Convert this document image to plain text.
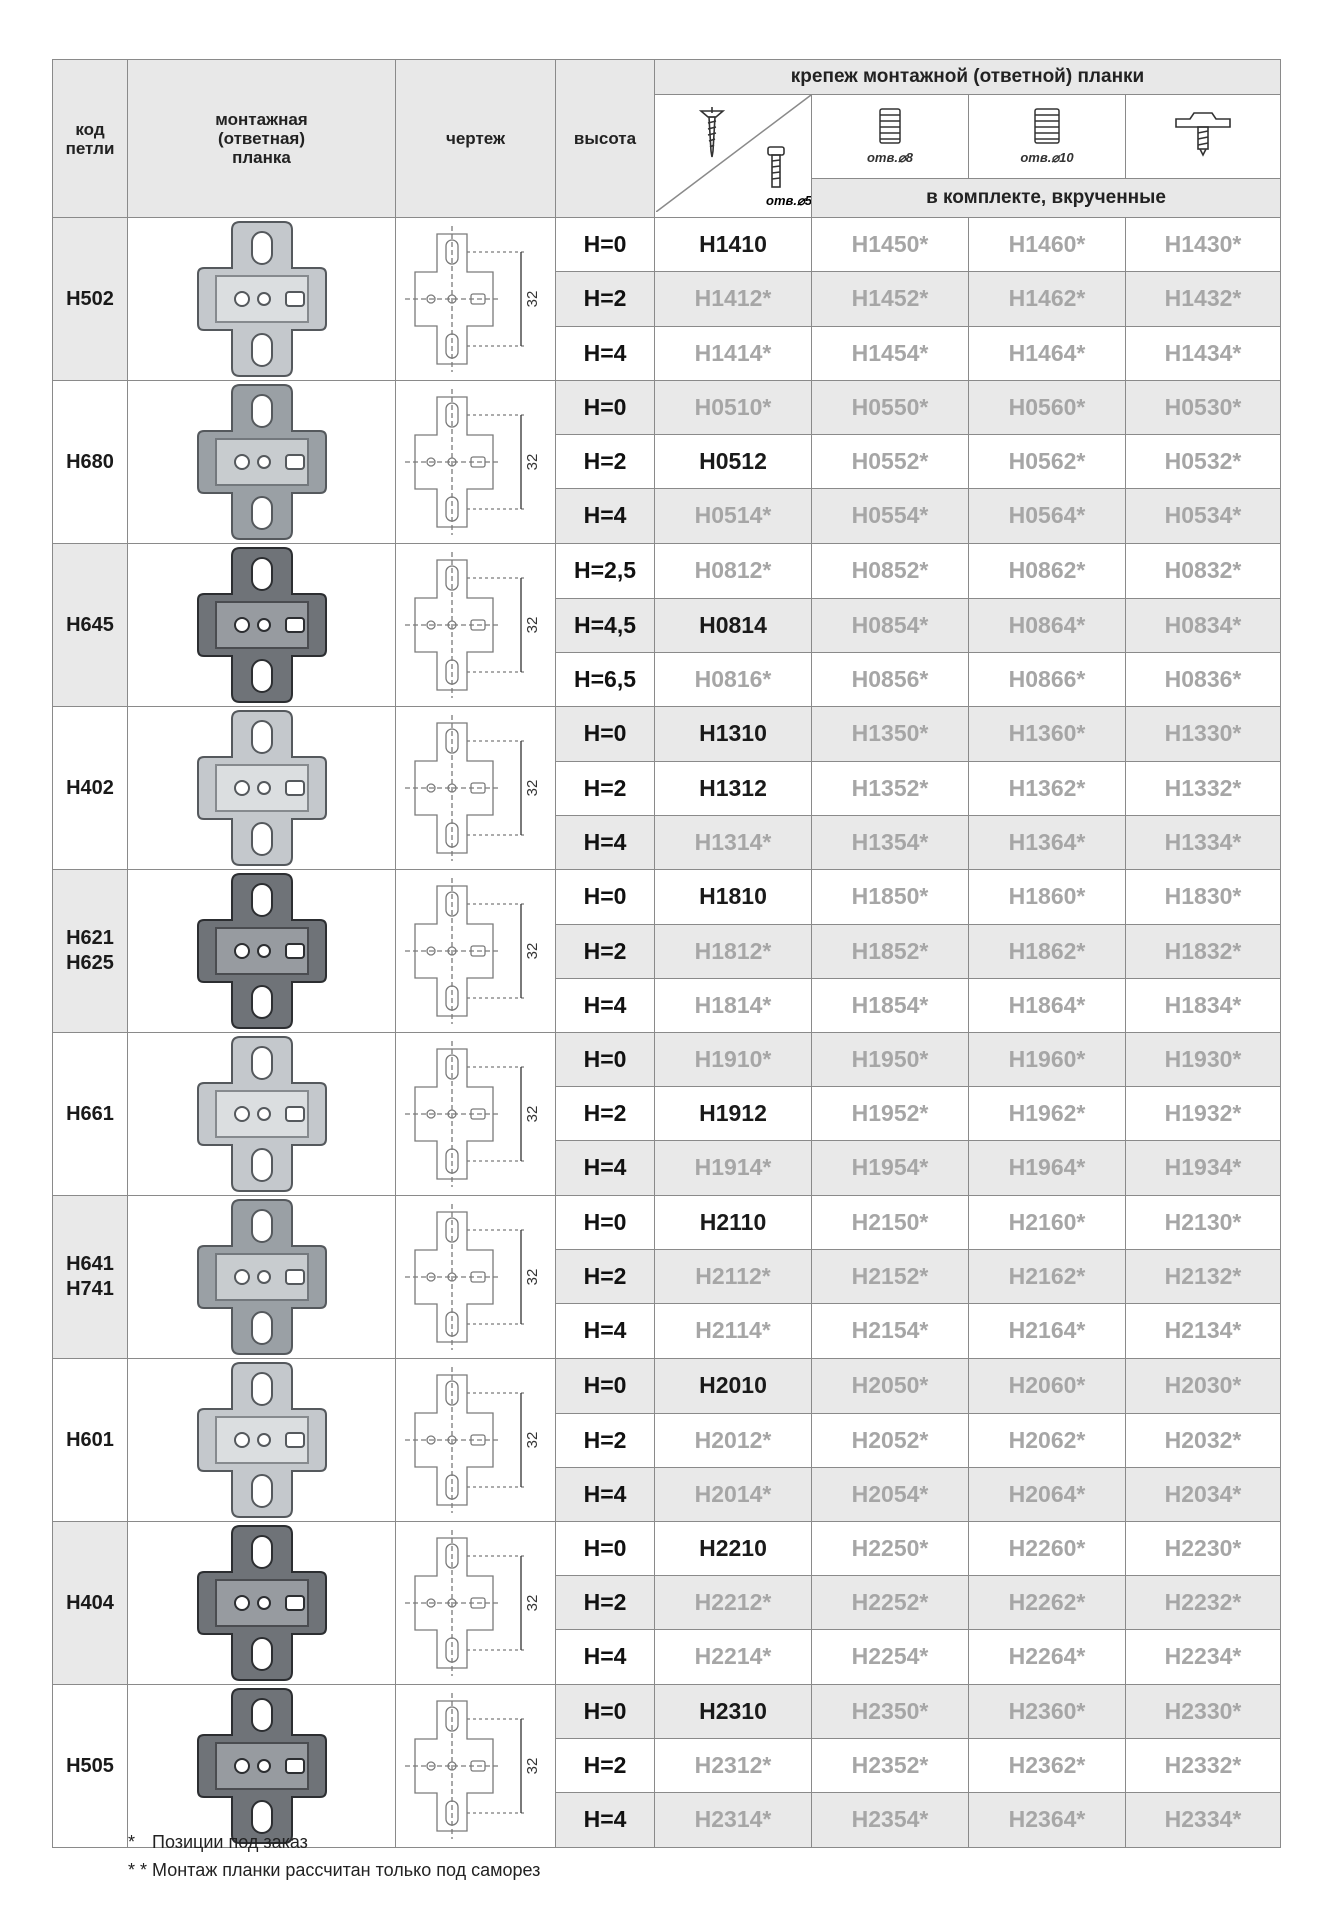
код петли	монтажная (ответная) планка	чертеж	высота	крепеж монтажной (ответной) планки			

отв.⌀5	отв.⌀8	отв.⌀10

					в комплекте, вкрученные		
H502		32	H=0	H1410	H1450*	H1460*	H1430*
			H=2	H1412*	H1452*	H1462*	H1432*
			H=4	H1414*	H1454*	H1464*	H1434*
H680		32	H=0	H0510*	H0550*	H0560*	H0530*
			H=2	H0512	H0552*	H0562*	H0532*
			H=4	H0514*	H0554*	H0564*	H0534*
H645		32	H=2,5	H0812*	H0852*	H0862*	H0832*
			H=4,5	H0814	H0854*	H0864*	H0834*
			H=6,5	H0816*	H0856*	H0866*	H0836*
H402		32	H=0	H1310	H1350*	H1360*	H1330*
			H=2	H1312	H1352*	H1362*	H1332*
			H=4	H1314*	H1354*	H1364*	H1334*
H621
H625		32	H=0	H1810	H1850*	H1860*	H1830*
			H=2	H1812*	H1852*	H1862*	H1832*
			H=4	H1814*	H1854*	H1864*	H1834*
H661		32	H=0	H1910*	H1950*	H1960*	H1930*
			H=2	H1912	H1952*	H1962*	H1932*
			H=4	H1914*	H1954*	H1964*	H1934*
H641
H741		32	H=0	H2110	H2150*	H2160*	H2130*
			H=2	H2112*	H2152*	H2162*	H2132*
			H=4	H2114*	H2154*	H2164*	H2134*
H601		32	H=0	H2010	H2050*	H2060*	H2030*
			H=2	H2012*	H2052*	H2062*	H2032*
			H=4	H2014*	H2054*	H2064*	H2034*
H404		32	H=0	H2210	H2250*	H2260*	H2230*
			H=2	H2212*	H2252*	H2262*	H2232*
			H=4	H2214*	H2254*	H2264*	H2234*
H505		32	H=0	H2310	H2350*	H2360*	H2330*
			H=2	H2312*	H2352*	H2362*	H2332*
			H=4	H2314*	H2354*	H2364*	H2334*
* Позиции под заказ
* * Монтаж планки рассчитан только под саморез
